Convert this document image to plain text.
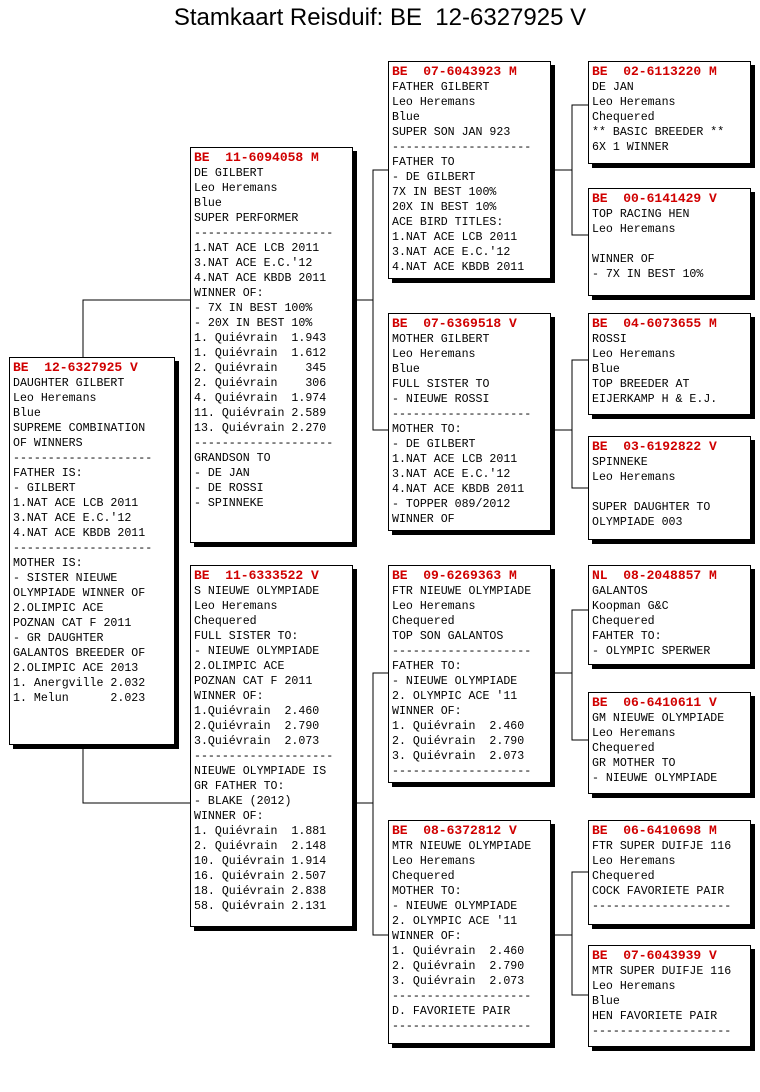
Stamkaart Reisduif: BE  12-6327925 V
BE  12-6327925 V
DAUGHTER GILBERT
Leo Heremans
Blue
SUPREME COMBINATION
OF WINNERS
--------------------
FATHER IS:
- GILBERT
1.NAT ACE LCB 2011
3.NAT ACE E.C.'12
4.NAT ACE KBDB 2011
--------------------
MOTHER IS:
- SISTER NIEUWE
OLYMPIADE WINNER OF
2.OLIMPIC ACE
POZNAN CAT F 2011
- GR DAUGHTER
GALANTOS BREEDER OF
2.OLIMPIC ACE 2013
1. Anergville 2.032
1. Melun      2.023
BE  11-6094058 M
DE GILBERT
Leo Heremans
Blue
SUPER PERFORMER
--------------------
1.NAT ACE LCB 2011
3.NAT ACE E.C.'12
4.NAT ACE KBDB 2011
WINNER OF:
- 7X IN BEST 100%
- 20X IN BEST 10%
1. Quiévrain  1.943
1. Quiévrain  1.612
2. Quiévrain    345
2. Quiévrain    306
4. Quiévrain  1.974
11. Quiévrain 2.589
13. Quiévrain 2.270
--------------------
GRANDSON TO
- DE JAN
- DE ROSSI
- SPINNEKE
BE  11-6333522 V
S NIEUWE OLYMPIADE
Leo Heremans
Chequered
FULL SISTER TO:
- NIEUWE OLYMPIADE
2.OLIMPIC ACE
POZNAN CAT F 2011
WINNER OF:
1.Quiévrain  2.460
2.Quiévrain  2.790
3.Quiévrain  2.073
--------------------
NIEUWE OLYMPIADE IS
GR FATHER TO:
- BLAKE (2012)
WINNER OF:
1. Quiévrain  1.881
2. Quiévrain  2.148
10. Quiévrain 1.914
16. Quiévrain 2.507
18. Quiévrain 2.838
58. Quiévrain 2.131
BE  07-6043923 M
FATHER GILBERT
Leo Heremans
Blue
SUPER SON JAN 923
--------------------
FATHER TO
- DE GILBERT
7X IN BEST 100%
20X IN BEST 10%
ACE BIRD TITLES:
1.NAT ACE LCB 2011
3.NAT ACE E.C.'12
4.NAT ACE KBDB 2011
BE  07-6369518 V
MOTHER GILBERT
Leo Heremans
Blue
FULL SISTER TO
- NIEUWE ROSSI
--------------------
MOTHER TO:
- DE GILBERT
1.NAT ACE LCB 2011
3.NAT ACE E.C.'12
4.NAT ACE KBDB 2011
- TOPPER 089/2012
WINNER OF
BE  09-6269363 M
FTR NIEUWE OLYMPIADE
Leo Heremans
Chequered
TOP SON GALANTOS
--------------------
FATHER TO:
- NIEUWE OLYMPIADE
2. OLYMPIC ACE '11
WINNER OF:
1. Quiévrain  2.460
2. Quiévrain  2.790
3. Quiévrain  2.073
--------------------
BE  08-6372812 V
MTR NIEUWE OLYMPIADE
Leo Heremans
Chequered
MOTHER TO:
- NIEUWE OLYMPIADE
2. OLYMPIC ACE '11
WINNER OF:
1. Quiévrain  2.460
2. Quiévrain  2.790
3. Quiévrain  2.073
--------------------
D. FAVORIETE PAIR
--------------------
BE  02-6113220 M
DE JAN
Leo Heremans
Chequered
** BASIC BREEDER **
6X 1 WINNER
BE  00-6141429 V
TOP RACING HEN
Leo Heremans

WINNER OF
- 7X IN BEST 10%
BE  04-6073655 M
ROSSI
Leo Heremans
Blue
TOP BREEDER AT
EIJERKAMP H & E.J.
BE  03-6192822 V
SPINNEKE
Leo Heremans

SUPER DAUGHTER TO
OLYMPIADE 003
NL  08-2048857 M
GALANTOS
Koopman G&C
Chequered
FAHTER TO:
- OLYMPIC SPERWER
BE  06-6410611 V
GM NIEUWE OLYMPIADE
Leo Heremans
Chequered
GR MOTHER TO
- NIEUWE OLYMPIADE
BE  06-6410698 M
FTR SUPER DUIFJE 116
Leo Heremans
Chequered
COCK FAVORIETE PAIR
--------------------
BE  07-6043939 V
MTR SUPER DUIFJE 116
Leo Heremans
Blue
HEN FAVORIETE PAIR
--------------------
